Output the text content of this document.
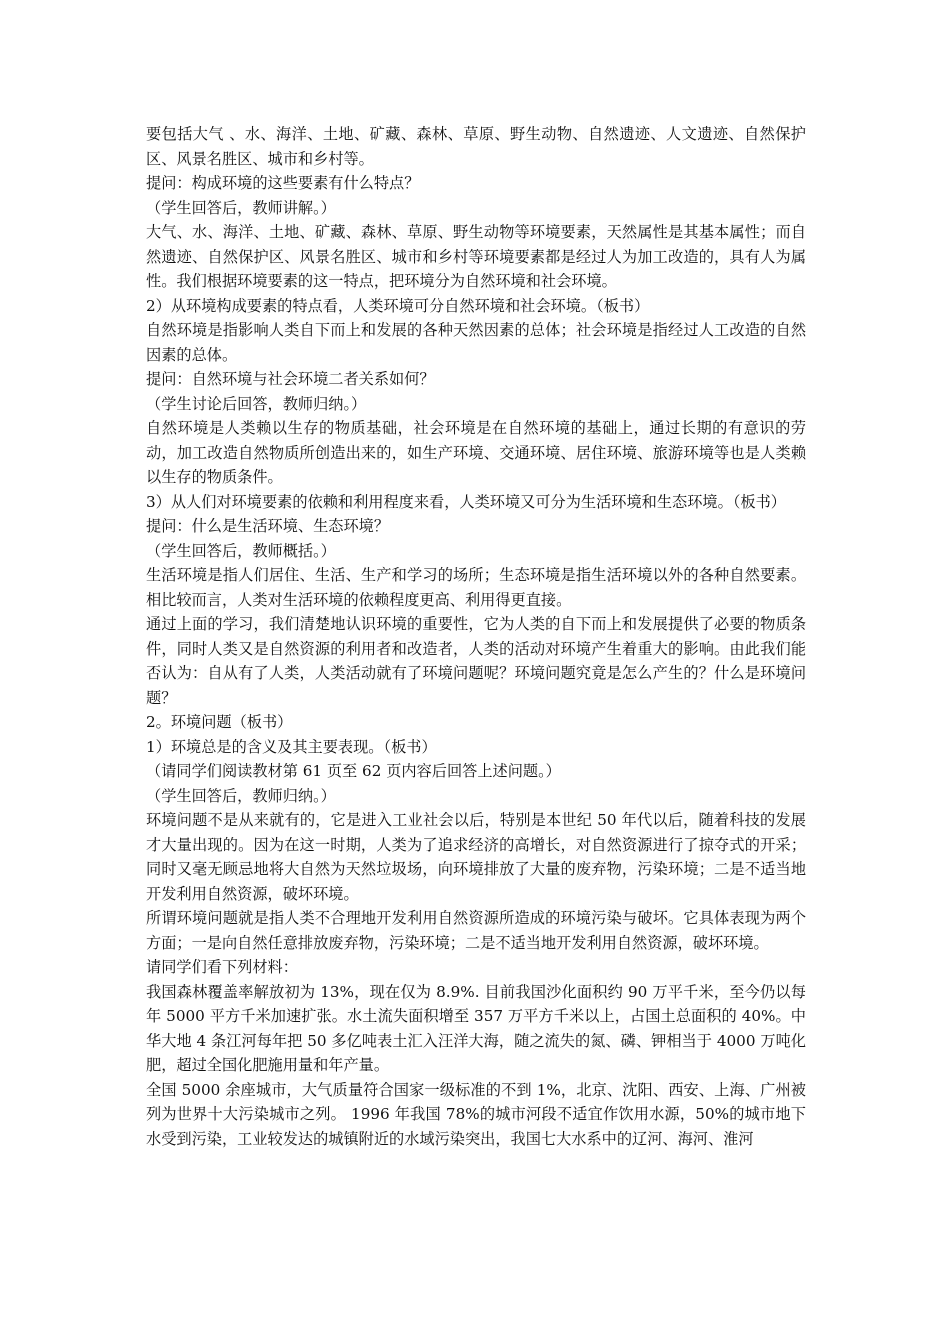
要包括大气 、水、海洋、土地、矿藏、森林、草原、野生动物、自然遗迹、人文遗迹、自然保护区、风景名胜区、城市和乡村等。

提问：构成环境的这些要素有什么特点？

（学生回答后，教师讲解。）

大气、水、海洋、土地、矿藏、森林、草原、野生动物等环境要素，天然属性是其基本属性；而自然遗迹、自然保护区、风景名胜区、城市和乡村等环境要素都是经过人为加工改造的，具有人为属性。我们根据环境要素的这一特点，把环境分为自然环境和社会环境。

2）从环境构成要素的特点看，人类环境可分自然环境和社会环境。（板书）

自然环境是指影响人类自下而上和发展的各种天然因素的总体；社会环境是指经过人工改造的自然因素的总体。

提问：自然环境与社会环境二者关系如何？

（学生讨论后回答，教师归纳。）

自然环境是人类赖以生存的物质基础，社会环境是在自然环境的基础上，通过长期的有意识的劳动，加工改造自然物质所创造出来的，如生产环境、交通环境、居住环境、旅游环境等也是人类赖以生存的物质条件。

3）从人们对环境要素的依赖和利用程度来看，人类环境又可分为生活环境和生态环境。（板书）

提问：什么是生活环境、生态环境？

（学生回答后，教师概括。）

生活环境是指人们居住、生活、生产和学习的场所；生态环境是指生活环境以外的各种自然要素。相比较而言，人类对生活环境的依赖程度更高、利用得更直接。

通过上面的学习，我们清楚地认识环境的重要性，它为人类的自下而上和发展提供了必要的物质条件，同时人类又是自然资源的利用者和改造者，人类的活动对环境产生着重大的影响。由此我们能否认为：自从有了人类，人类活动就有了环境问题呢？环境问题究竟是怎么产生的？什么是环境问题？

2。环境问题（板书）

1）环境总是的含义及其主要表现。（板书）

（请同学们阅读教材第 61 页至 62 页内容后回答上述问题。）

（学生回答后，教师归纳。）

环境问题不是从来就有的，它是进入工业社会以后，特别是本世纪 50 年代以后，随着科技的发展才大量出现的。因为在这一时期，人类为了追求经济的高增长，对自然资源进行了掠夺式的开采；同时又毫无顾忌地将大自然为天然垃圾场，向环境排放了大量的废弃物，污染环境；二是不适当地开发利用自然资源，破坏环境。

所谓环境问题就是指人类不合理地开发利用自然资源所造成的环境污染与破坏。它具体表现为两个方面；一是向自然任意排放废弃物，污染环境；二是不适当地开发利用自然资源，破坏环境。

请同学们看下列材料：

我国森林覆盖率解放初为 13%，现在仅为 8.9%. 目前我国沙化面积约 90 万平千米，至今仍以每年 5000 平方千米加速扩张。水土流失面积增至 357 万平方千米以上，占国土总面积的 40%。中华大地 4 条江河每年把 50 多亿吨表土汇入汪洋大海，随之流失的氮、磷、钾相当于 4000 万吨化肥，超过全国化肥施用量和年产量。

全国 5000 余座城市，大气质量符合国家一级标准的不到 1%，北京、沈阳、西安、上海、广州被列为世界十大污染城市之列。 1996 年我国 78%的城市河段不适宜作饮用水源，50%的城市地下水受到污染，工业较发达的城镇附近的水域污染突出，我国七大水系中的辽河、海河、淮河
